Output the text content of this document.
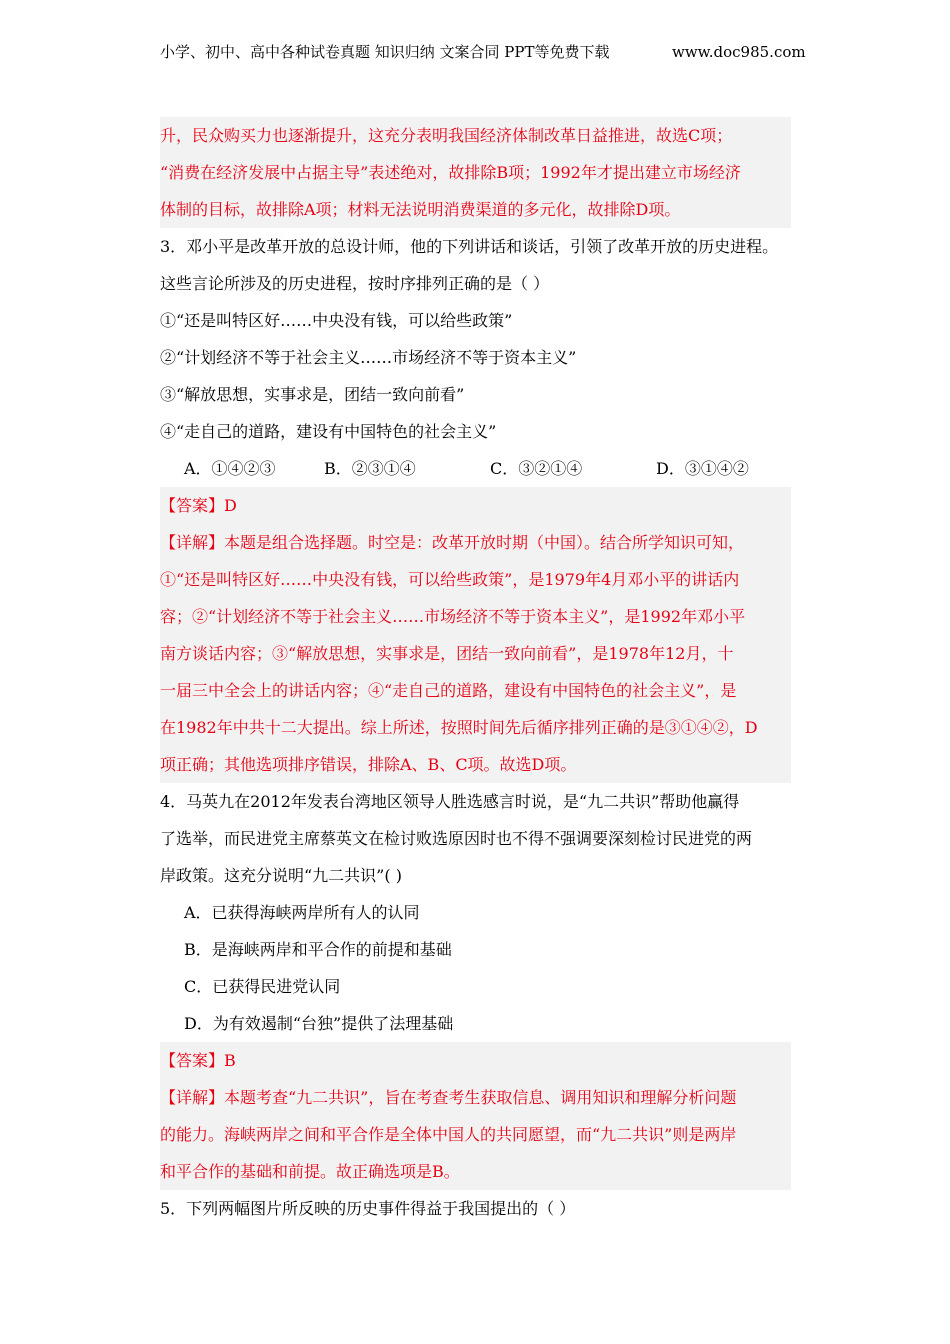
小学、初中、高中各种试卷真题 知识归纳 文案合同 PPT等免费下载	www.doc985.com
升，民众购买力也逐渐提升，这充分表明我国经济体制改革日益推进，故选C项；
“消费在经济发展中占据主导”表述绝对，故排除B项；1992年才提出建立市场经济
体制的目标，故排除A项；材料无法说明消费渠道的多元化，故排除D项。
3．邓小平是改革开放的总设计师，他的下列讲话和谈话，引领了改革开放的历史进程。
这些言论所涉及的历史进程，按时序排列正确的是（ ）
①“还是叫特区好……中央没有钱，可以给些政策”
②“计划经济不等于社会主义……市场经济不等于资本主义”
③“解放思想，实事求是，团结一致向前看”
④“走自己的道路，建设有中国特色的社会主义”
A．①④②③	B．②③①④	C．③②①④	D．③①④②
【答案】D
【详解】本题是组合选择题。时空是：改革开放时期（中国）。结合所学知识可知，
①“还是叫特区好……中央没有钱，可以给些政策”，是1979年4月邓小平的讲话内
容；②“计划经济不等于社会主义……市场经济不等于资本主义”，是1992年邓小平
南方谈话内容；③“解放思想，实事求是，团结一致向前看”，是1978年12月，十
一届三中全会上的讲话内容；④“走自己的道路，建设有中国特色的社会主义”，是
在1982年中共十二大提出。综上所述，按照时间先后循序排列正确的是③①④②，D
项正确；其他选项排序错误，排除A、B、C项。故选D项。
4．马英九在2012年发表台湾地区领导人胜选感言时说，是“九二共识”帮助他赢得
了选举，而民进党主席蔡英文在检讨败选原因时也不得不强调要深刻检讨民进党的两
岸政策。这充分说明“九二共识”( )
A．已获得海峡两岸所有人的认同
B．是海峡两岸和平合作的前提和基础
C．已获得民进党认同
D．为有效遏制“台独”提供了法理基础
【答案】B
【详解】本题考查“九二共识”，旨在考查考生获取信息、调用知识和理解分析问题
的能力。海峡两岸之间和平合作是全体中国人的共同愿望，而“九二共识”则是两岸
和平合作的基础和前提。故正确选项是B。
5．下列两幅图片所反映的历史事件得益于我国提出的（ ）
